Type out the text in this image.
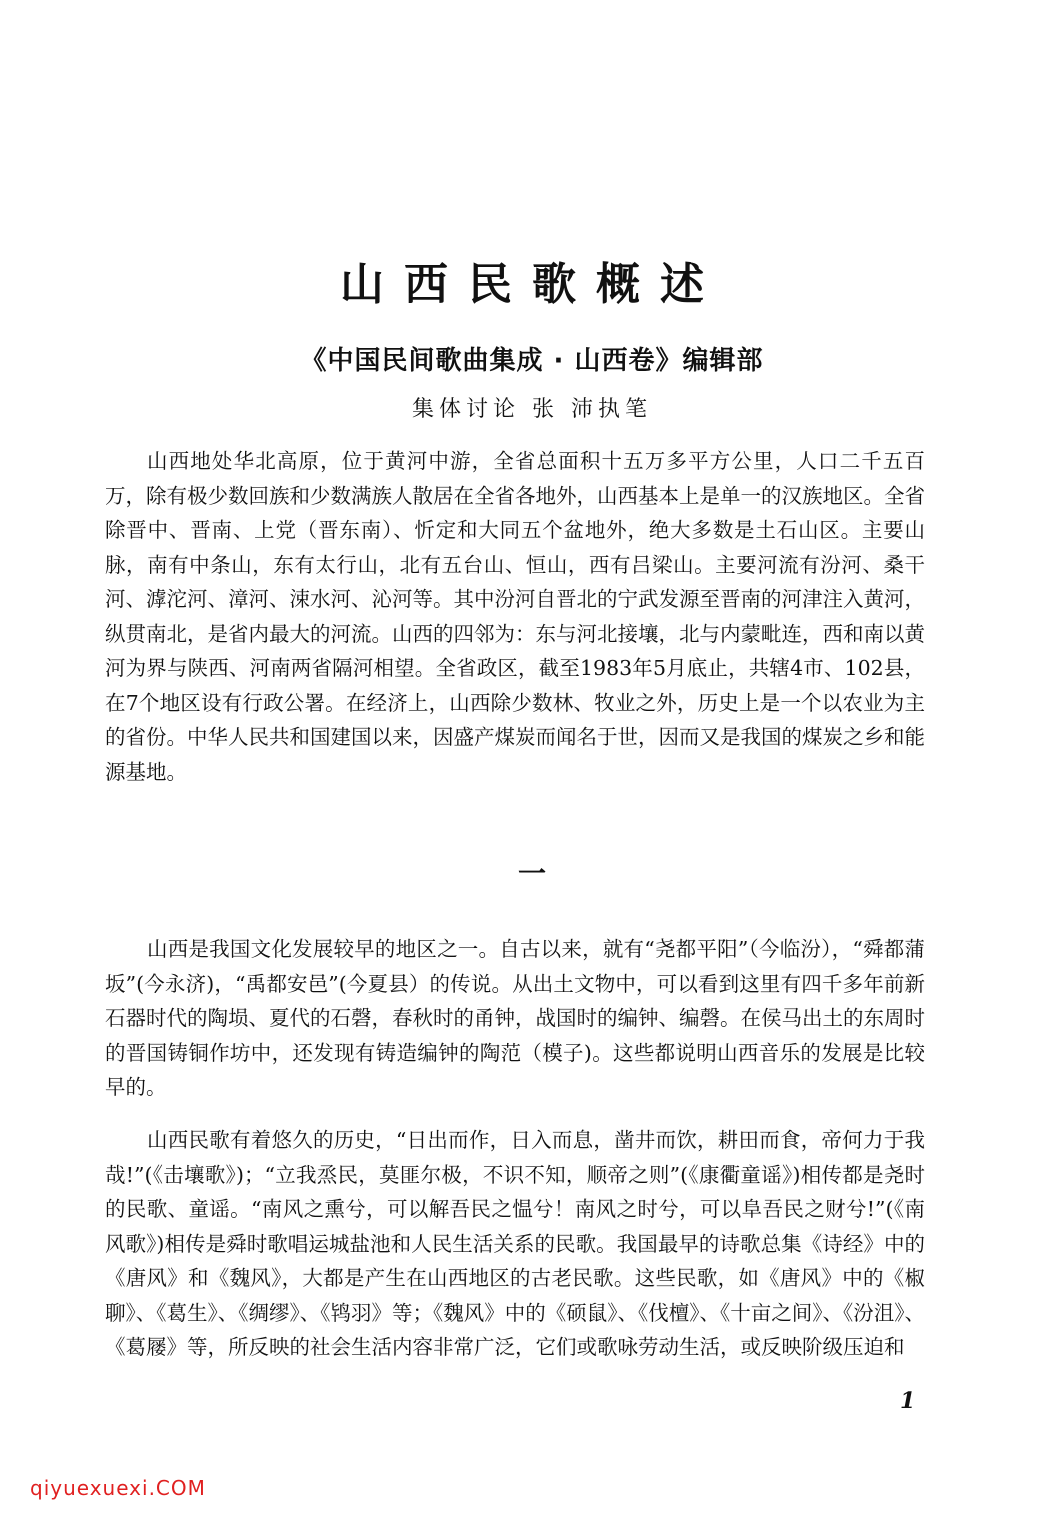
山西民歌概述
《中国民间歌曲集成 · 山西卷》编辑部
集体讨论 张 沛执笔

山西地处华北高原，位于黄河中游，全省总面积十五万多平方公里，人口二千五百万，除有极少数回族和少数满族人散居在全省各地外，山西基本上是单一的汉族地区。全省除晋中、晋南、上党（晋东南）、忻定和大同五个盆地外，绝大多数是土石山区。主要山脉，南有中条山，东有太行山，北有五台山、恒山，西有吕梁山。主要河流有汾河、桑干河、滹沱河、漳河、涑水河、沁河等。其中汾河自晋北的宁武发源至晋南的河津注入黄河，纵贯南北，是省内最大的河流。山西的四邻为：东与河北接壤，北与内蒙毗连，西和南以黄河为界与陕西、河南两省隔河相望。全省政区，截至1983年5月底止，共辖4市、102县，在7个地区设有行政公署。在经济上，山西除少数林、牧业之外，历史上是一个以农业为主的省份。中华人民共和国建国以来，因盛产煤炭而闻名于世，因而又是我国的煤炭之乡和能源基地。

一

山西是我国文化发展较早的地区之一。自古以来，就有“尧都平阳”（今临汾），“舜都蒲坂”(今永济)，“禹都安邑”(今夏县）的传说。从出土文物中，可以看到这里有四千多年前新石器时代的陶埙、夏代的石磬，春秋时的甬钟，战国时的编钟、编磬。在侯马出土的东周时的晋国铸铜作坊中，还发现有铸造编钟的陶范（模子)。这些都说明山西音乐的发展是比较早的。

山西民歌有着悠久的历史，“日出而作，日入而息，凿井而饮，耕田而食，帝何力于我哉!”(《击壤歌》)；“立我烝民，莫匪尔极，不识不知，顺帝之则”(《康衢童谣》)相传都是尧时的民歌、童谣。“南风之熏兮，可以解吾民之愠兮！南风之时兮，可以阜吾民之财兮!”(《南风歌》)相传是舜时歌唱运城盐池和人民生活关系的民歌。我国最早的诗歌总集《诗经》中的《唐风》和《魏风》，大都是产生在山西地区的古老民歌。这些民歌，如《唐风》中的《椒聊》、《葛生》、《绸缪》、《鸨羽》等；《魏风》中的《硕鼠》、《伐檀》、《十亩之间》、《汾沮》、《葛屦》等，所反映的社会生活内容非常广泛，它们或歌咏劳动生活，或反映阶级压迫和

1
qiyuexuexi.COM
